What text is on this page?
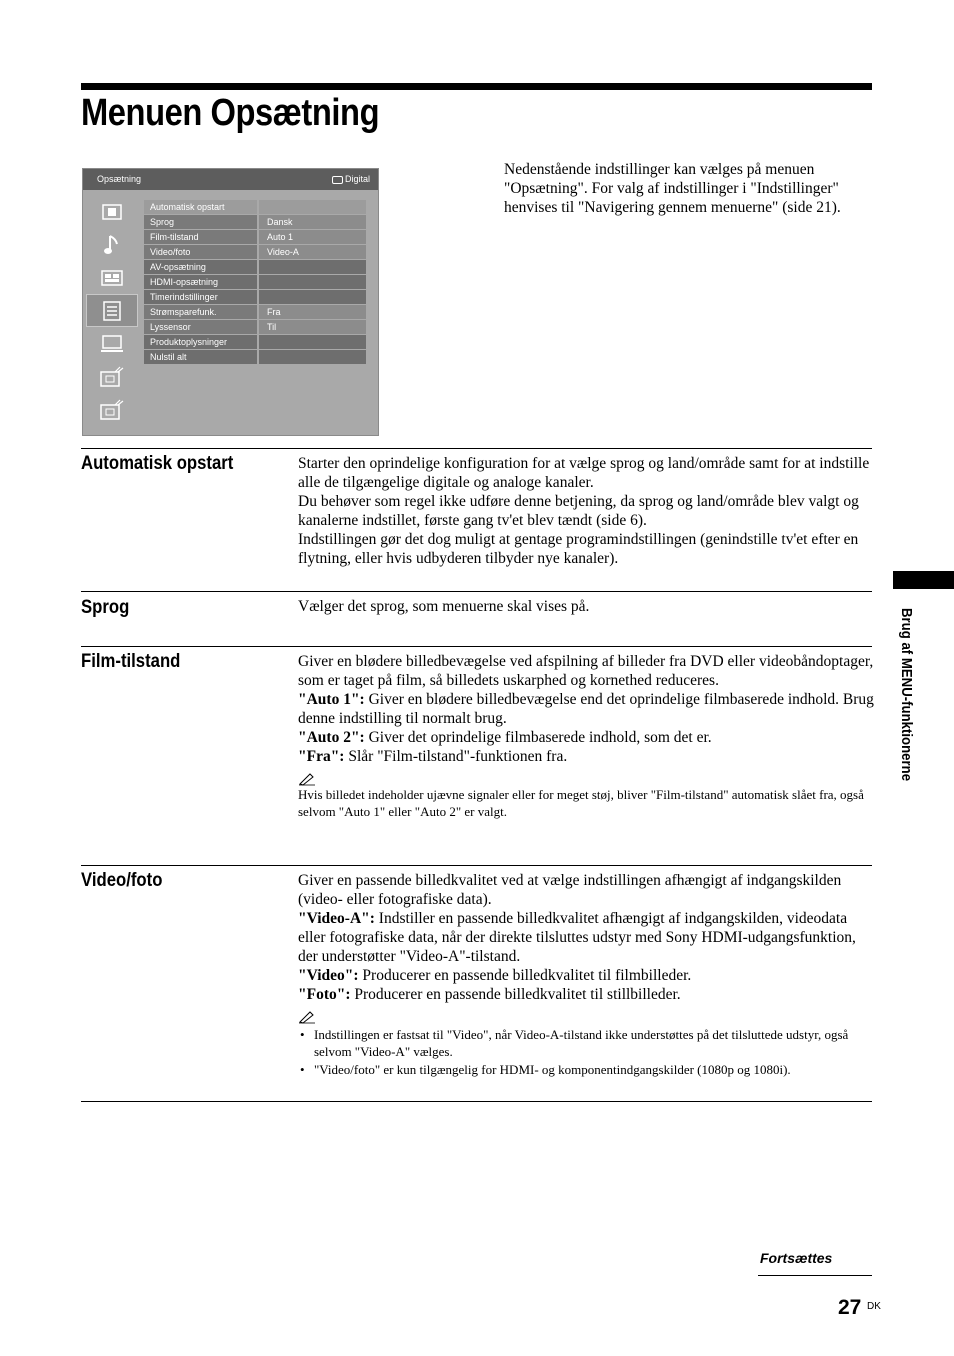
Menuen Opsætning
Nedenstående indstillinger kan vælges på menuen "Opsætning". For valg af indstillinger i "Indstillinger" henvises til "Navigering gennem menuerne" (side 21).
Opsætning	Digital
Automatisk opstart
Sprog	Dansk
Film-tilstand	Auto 1
Video/foto	Video-A
AV-opsætning
HDMI-opsætning
Timerindstillinger
Strømsparefunk.	Fra
Lyssensor	Til
Produktoplysninger
Nulstil alt
Automatisk opstart	Starter den oprindelige konfiguration for at vælge sprog og land/område samt for at indstille alle de tilgængelige digitale og analoge kanaler.

Du behøver som regel ikke udføre denne betjening, da sprog og land/område blev valgt og kanalerne indstillet, første gang tv'et blev tændt (side 6).

Indstillingen gør det dog muligt at gentage programindstillingen (genindstille tv'et efter en flytning, eller hvis udbyderen tilbyder nye kanaler).

Sprog	Vælger det sprog, som menuerne skal vises på.

Film-tilstand	Giver en blødere billedbevægelse ved afspilning af billeder fra DVD eller videobåndoptager, som er taget på film, så billedets uskarphed og kornethed reduceres.

"Auto 1": Giver en blødere billedbevægelse end det oprindelige filmbaserede indhold. Brug denne indstilling til normalt brug.

"Auto 2": Giver det oprindelige filmbaserede indhold, som det er.

"Fra": Slår "Film-tilstand"-funktionen fra.

Hvis billedet indeholder ujævne signaler eller for meget støj, bliver "Film-tilstand" automatisk slået fra, også selvom "Auto 1" eller "Auto 2" er valgt.

Video/foto	Giver en passende billedkvalitet ved at vælge indstillingen afhængigt af indgangskilden (video- eller fotografiske data).

"Video-A": Indstiller en passende billedkvalitet afhængigt af indgangskilden, videodata eller fotografiske data, når der direkte tilsluttes udstyr med Sony HDMI-udgangsfunktion, der understøtter "Video-A"-tilstand.

"Video": Producerer en passende billedkvalitet til filmbilleder.

"Foto": Producerer en passende billedkvalitet til stillbilleder.

• Indstillingen er fastsat til "Video", når Video-A-tilstand ikke understøttes på det tilsluttede udstyr, også selvom "Video-A" vælges.
• "Video/foto" er kun tilgængelig for HDMI- og komponentindgangskilder (1080p og 1080i).
Brug af MENU-funktionerne
Fortsættes
27 DK
